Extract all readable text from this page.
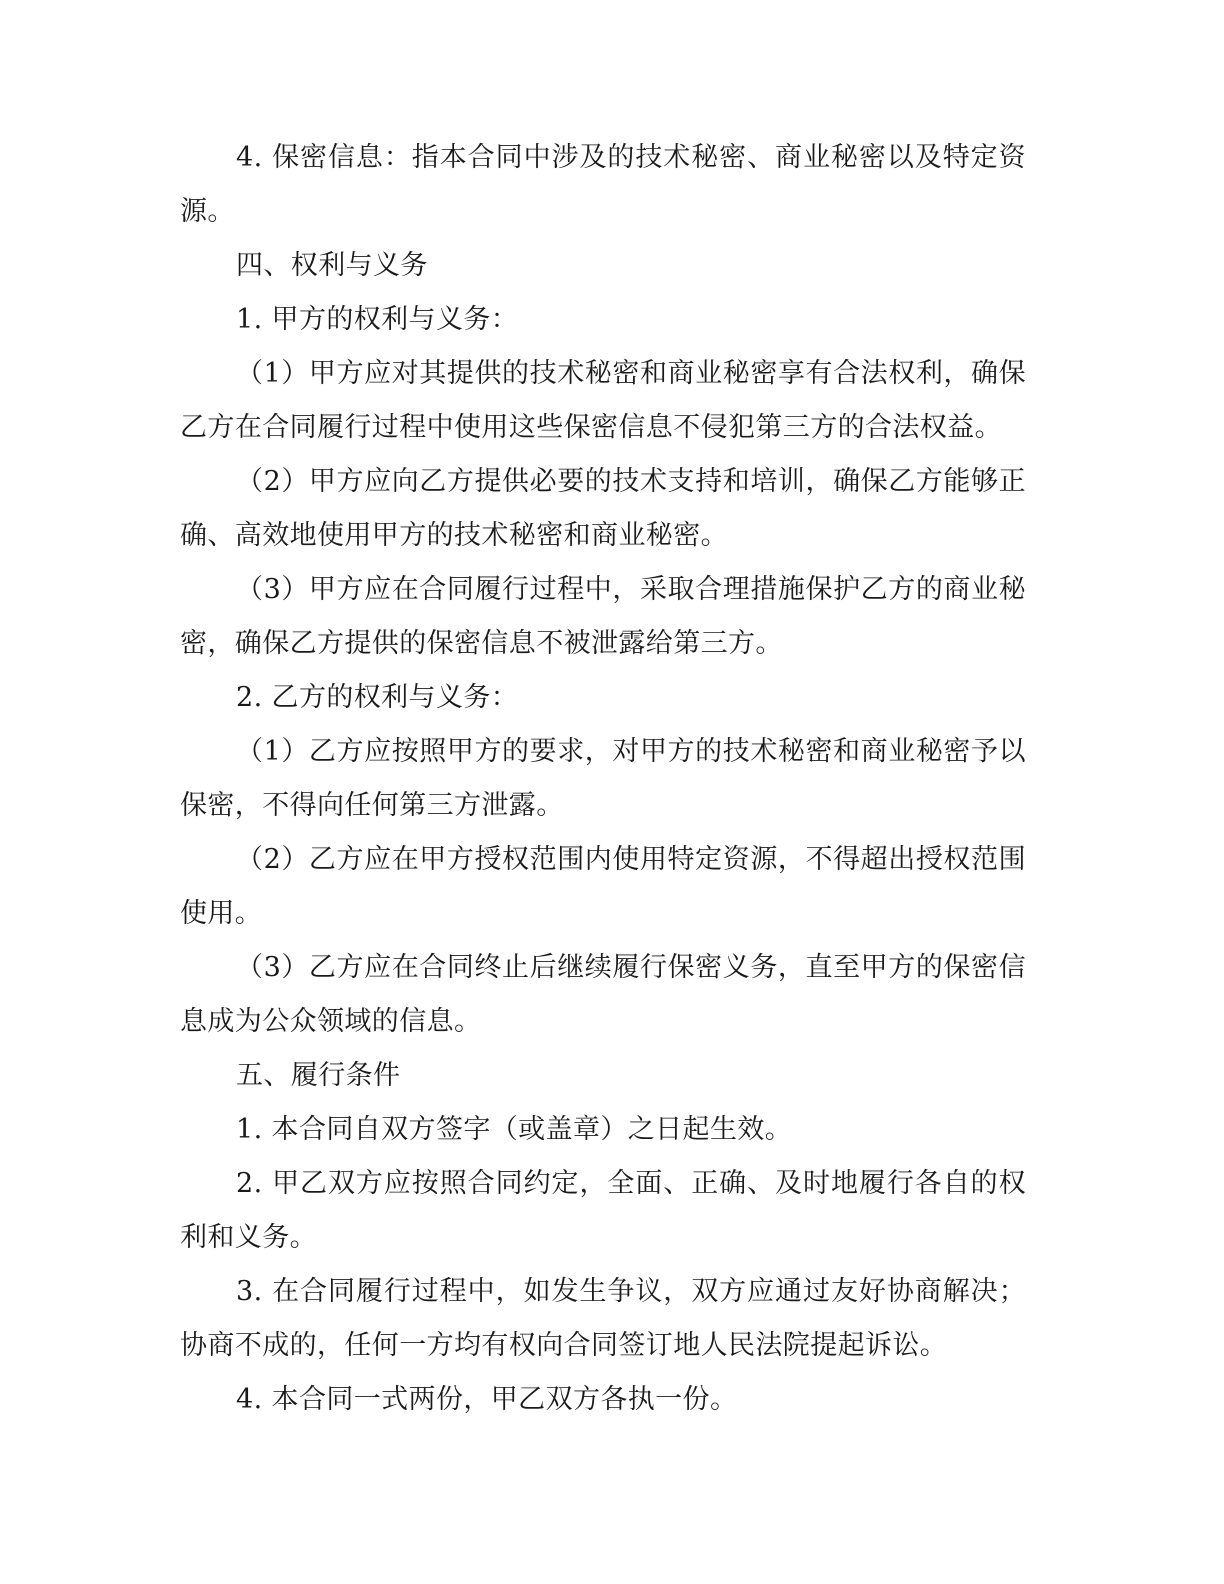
4. 保密信息：指本合同中涉及的技术秘密、商业秘密以及特定资源。

四、权利与义务

1. 甲方的权利与义务：

（1）甲方应对其提供的技术秘密和商业秘密享有合法权利，确保乙方在合同履行过程中使用这些保密信息不侵犯第三方的合法权益。

（2）甲方应向乙方提供必要的技术支持和培训，确保乙方能够正确、高效地使用甲方的技术秘密和商业秘密。

（3）甲方应在合同履行过程中，采取合理措施保护乙方的商业秘密，确保乙方提供的保密信息不被泄露给第三方。

2. 乙方的权利与义务：

（1）乙方应按照甲方的要求，对甲方的技术秘密和商业秘密予以保密，不得向任何第三方泄露。

（2）乙方应在甲方授权范围内使用特定资源，不得超出授权范围使用。

（3）乙方应在合同终止后继续履行保密义务，直至甲方的保密信息成为公众领域的信息。

五、履行条件

1. 本合同自双方签字（或盖章）之日起生效。

2. 甲乙双方应按照合同约定，全面、正确、及时地履行各自的权利和义务。

3. 在合同履行过程中，如发生争议，双方应通过友好协商解决；协商不成的，任何一方均有权向合同签订地人民法院提起诉讼。

4. 本合同一式两份，甲乙双方各执一份。
